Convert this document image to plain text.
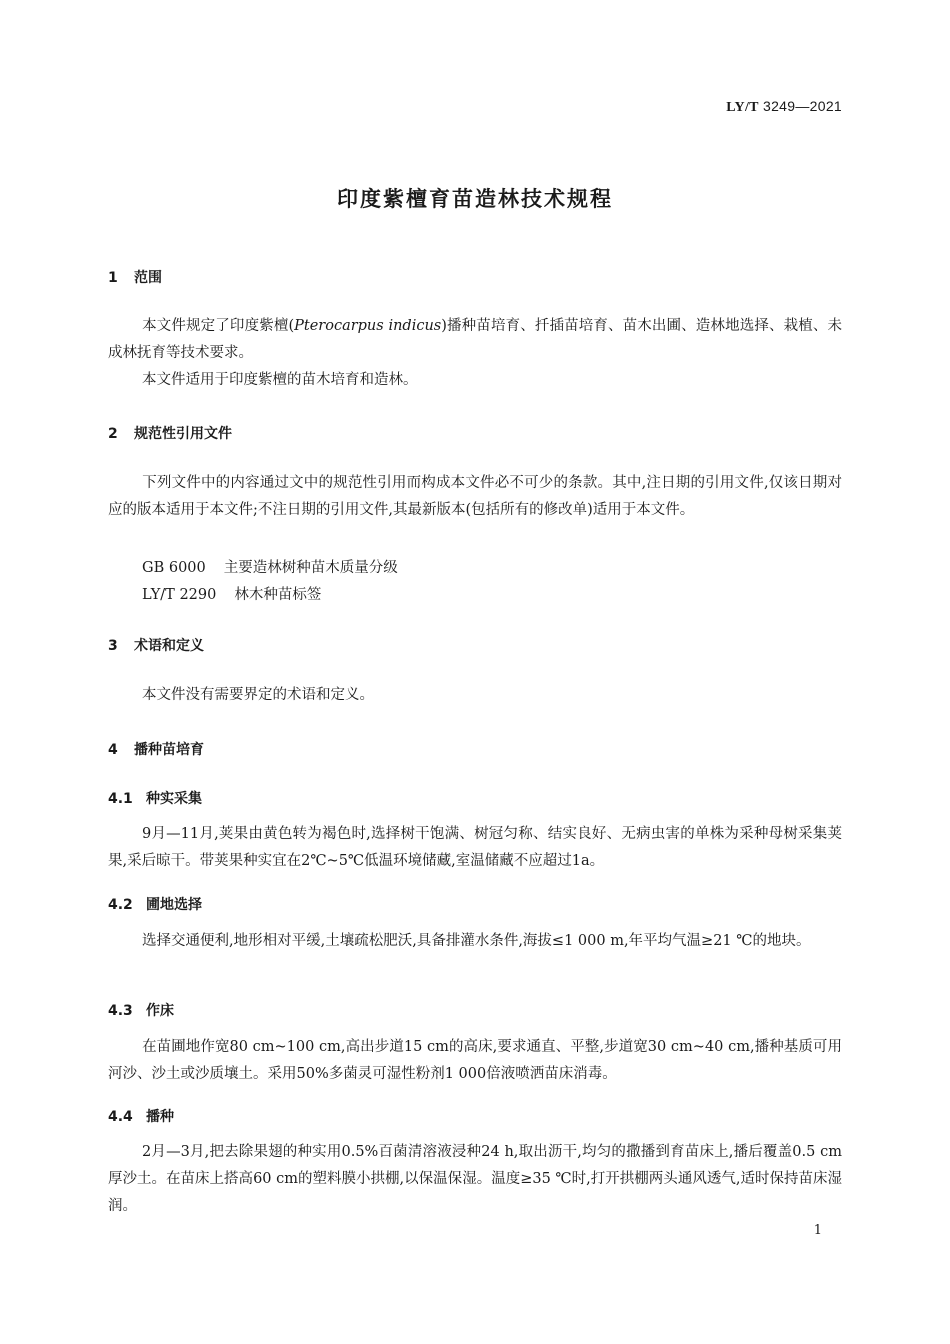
LY/T 3249—2021
印度紫檀育苗造林技术规程
1 范围
本文件规定了印度紫檀(Pterocarpus indicus)播种苗培育、扦插苗培育、苗木出圃、造林地选择、栽植、未成林抚育等技术要求。
本文件适用于印度紫檀的苗木培育和造林。
2 规范性引用文件
下列文件中的内容通过文中的规范性引用而构成本文件必不可少的条款。其中,注日期的引用文件,仅该日期对应的版本适用于本文件;不注日期的引用文件,其最新版本(包括所有的修改单)适用于本文件。
GB 6000 主要造林树种苗木质量分级
LY/T 2290 林木种苗标签
3 术语和定义
本文件没有需要界定的术语和定义。
4 播种苗培育
4.1 种实采集
9月—11月,荚果由黄色转为褐色时,选择树干饱满、树冠匀称、结实良好、无病虫害的单株为采种母树采集荚果,采后晾干。带荚果种实宜在2℃~5℃低温环境储藏,室温储藏不应超过1a。
4.2 圃地选择
选择交通便利,地形相对平缓,土壤疏松肥沃,具备排灌水条件,海拔≤1 000 m,年平均气温≥21 ℃的地块。
4.3 作床
在苗圃地作宽80 cm~100 cm,高出步道15 cm的高床,要求通直、平整,步道宽30 cm~40 cm,播种基质可用河沙、沙土或沙质壤土。采用50%多菌灵可湿性粉剂1 000倍液喷洒苗床消毒。
4.4 播种
2月—3月,把去除果翅的种实用0.5%百菌清溶液浸种24 h,取出沥干,均匀的撒播到育苗床上,播后覆盖0.5 cm厚沙土。在苗床上搭高60 cm的塑料膜小拱棚,以保温保湿。温度≥35 ℃时,打开拱棚两头通风透气,适时保持苗床湿润。
1
